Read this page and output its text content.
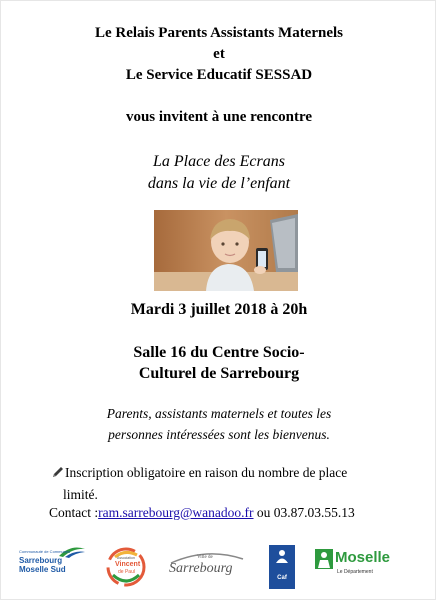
Le Relais Parents Assistants Maternels
et
Le Service Educatif SESSAD
vous invitent à une rencontre
La Place des Ecrans
dans la vie de l’enfant
Mardi 3 juillet 2018 à 20h
Salle 16 du Centre Socio-
Culturel de Sarrebourg
Parents, assistants maternels et toutes les
personnes intéressées sont les bienvenus.
Inscription obligatoire en raison du nombre de place
limité.
Contact :ram.sarrebourg@wanadoo.fr ou 03.87.03.55.13
Communauté de Communes
Sarrebourg
Moselle Sud
Association
Vincent
de Paul
Ville de
Sarrebourg
Caf
Moselle
Le Département
